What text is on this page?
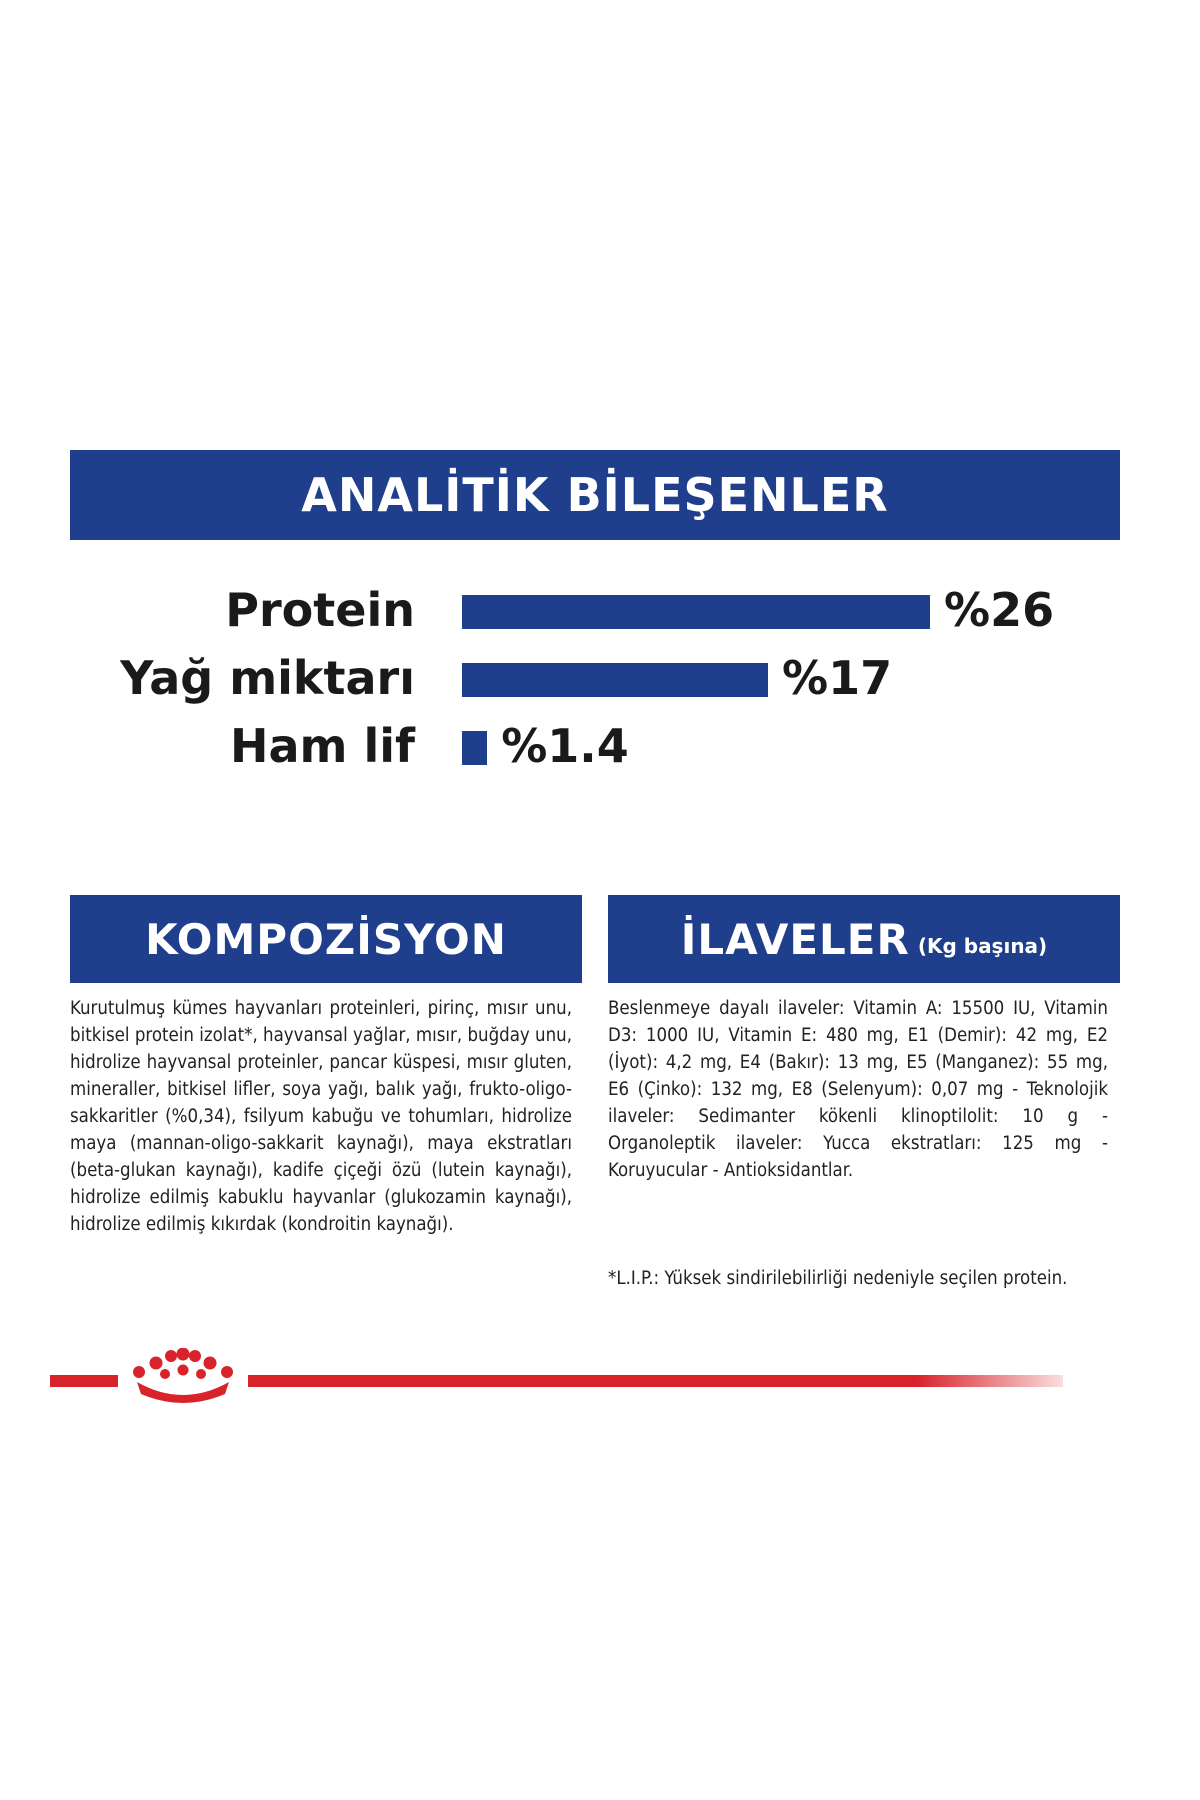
ANALİTİK BİLEŞENLER
Protein	%26
Yağ miktarı	%17
Ham lif %1.4
KOMPOZİSYON	İLAVELER (Kg başına)

Kurutulmuş kümes hayvanları proteinleri, pirinç, mısır unu, bitkisel protein izolat*, hayvansal yağlar, mısır, buğday unu, hidrolize hayvansal proteinler, pancar küspesi, mısır gluten, mineraller, bitkisel lifler, soya yağı, balık yağı, frukto-oligo-sakkaritler (%0,34), fsilyum kabuğu ve tohumları, hidrolize maya (mannan-oligo-sakkarit kaynağı), maya ekstratları (beta-glukan kaynağı), kadife çiçeği özü (lutein kaynağı), hidrolize edilmiş kabuklu hayvanlar (glukozamin kaynağı), hidrolize edilmiş kıkırdak (kondroitin kaynağı).

Beslenmeye dayalı ilaveler: Vitamin A: 15500 IU, Vitamin D3: 1000 IU, Vitamin E: 480 mg, E1 (Demir): 42 mg, E2 (İyot): 4,2 mg, E4 (Bakır): 13 mg, E5 (Manganez): 55 mg, E6 (Çinko): 132 mg, E8 (Selenyum): 0,07 mg - Teknolojik ilaveler: Sedimanter kökenli klinoptilolit: 10 g - Organoleptik ilaveler: Yucca ekstratları: 125 mg - Koruyucular - Antioksidantlar.

*L.I.P.: Yüksek sindirilebilirliği nedeniyle seçilen protein.
